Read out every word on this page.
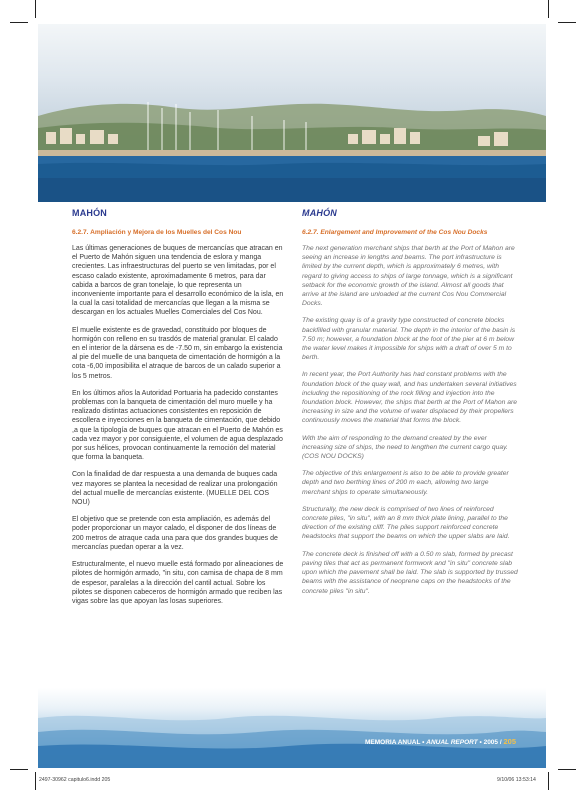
MAHÓN
6.2.7. Ampliación y Mejora de los Muelles del Cos Nou

Las últimas generaciones de buques de mercancías que atracan en el Puerto de Mahón siguen una tendencia de eslora y manga crecientes. Las infraestructuras del puerto se ven limitadas, por el escaso calado existente, aproximadamente 6 metros, para dar cabida a barcos de gran tonelaje, lo que representa un inconveniente importante para el desarrollo económico de la isla, en la cual la casi totalidad de mercancías que llegan a la misma se descargan en los actuales Muelles Comerciales del Cos Nou.

El muelle existente es de gravedad, constituido por bloques de hormigón con relleno en su trasdós de material granular. El calado en el interior de la dársena es de -7.50 m, sin embargo la existencia al pie del muelle de una banqueta de cimentación de hormigón a la cota -6,00 imposibilita el atraque de barcos de un calado superior a los 5 metros.

En los últimos años la Autoridad Portuaria ha padecido constantes problemas con la banqueta de cimentación del muro muelle y ha realizado distintas actuaciones consistentes en reposición de escollera e inyecciones en la banqueta de cimentación, que debido ,a que la tipología de buques que atracan en el Puerto de Mahón es cada vez mayor y por consiguiente, el volumen de agua desplazado por sus hélices, provocan continuamente la remoción del material que forma la banqueta.

Con la finalidad de dar respuesta a una demanda de buques cada vez mayores se plantea la necesidad de realizar una prolongación del actual muelle de mercancías existente. (MUELLE DEL COS NOU)

El objetivo que se pretende con esta ampliación, es además del poder proporcionar un mayor calado, el disponer de dos líneas de 200 metros de atraque cada una para que dos grandes buques de mercancías puedan operar a la vez.

Estructuralmente, el nuevo muelle está formado por alineaciones de pilotes de hormigón armado, "in situ, con camisa de chapa de 8 mm de espesor, paralelas a la dirección del cantil actual. Sobre los pilotes se disponen cabeceros de hormigón armado que reciben las vigas sobre las que apoyan las losas superiores.

MAHÓN
6.2.7. Enlargement and Improvement of the Cos Nou Docks

The next generation merchant ships that berth at the Port of Mahon are seeing an increase in lengths and beams. The port infrastructure is limited by the current depth, which is approximately 6 metres, with regard to giving access to ships of large tonnage, which is a significant setback for the economic growth of the island. Almost all goods that arrive at the island are unloaded at the current Cos Nou Commercial Docks.

The existing quay is of a gravity type constructed of concrete blocks backfilled with granular material. The depth in the interior of the basin is 7.50 m; however, a foundation block at the foot of the pier at 6 m below the water level makes it impossible for ships with a draft of over 5 m to berth.

In recent year, the Port Authority has had constant problems with the foundation block of the quay wall, and has undertaken several initiatives including the repositioning of the rock filling and injection into the foundation block. However, the ships that berth at the Port of Mahon are increasing in size and the volume of water displaced by their propellers continuously moves the material that forms the block.

With the aim of responding to the demand created by the ever increasing size of ships, the need to lengthen the current cargo quay. (COS NOU DOCKS)

The objective of this enlargement is also to be able to provide greater depth and two berthing lines of 200 m each, allowing two large merchant ships to operate simultaneously.

Structurally, the new deck is comprised of two lines of reinforced concrete piles, "in situ", with an 8 mm thick plate lining, parallel to the direction of the existing cliff. The piles support reinforced concrete headstocks that support the beams on which the upper slabs are laid.

The concrete deck is finished off with a 0.50 m slab, formed by precast paving tiles that act as permanent formwork and "in situ" concrete slab upon which the pavement shall be laid. The slab is supported by trussed beams with the assistance of neoprene caps on the headstocks of the concrete piles "in situ".

MEMORIA ANUAL • ANUAL REPORT • 2005 / 205
2497-30962 capitulo6.indd 205	9/10/06 13:53:14
